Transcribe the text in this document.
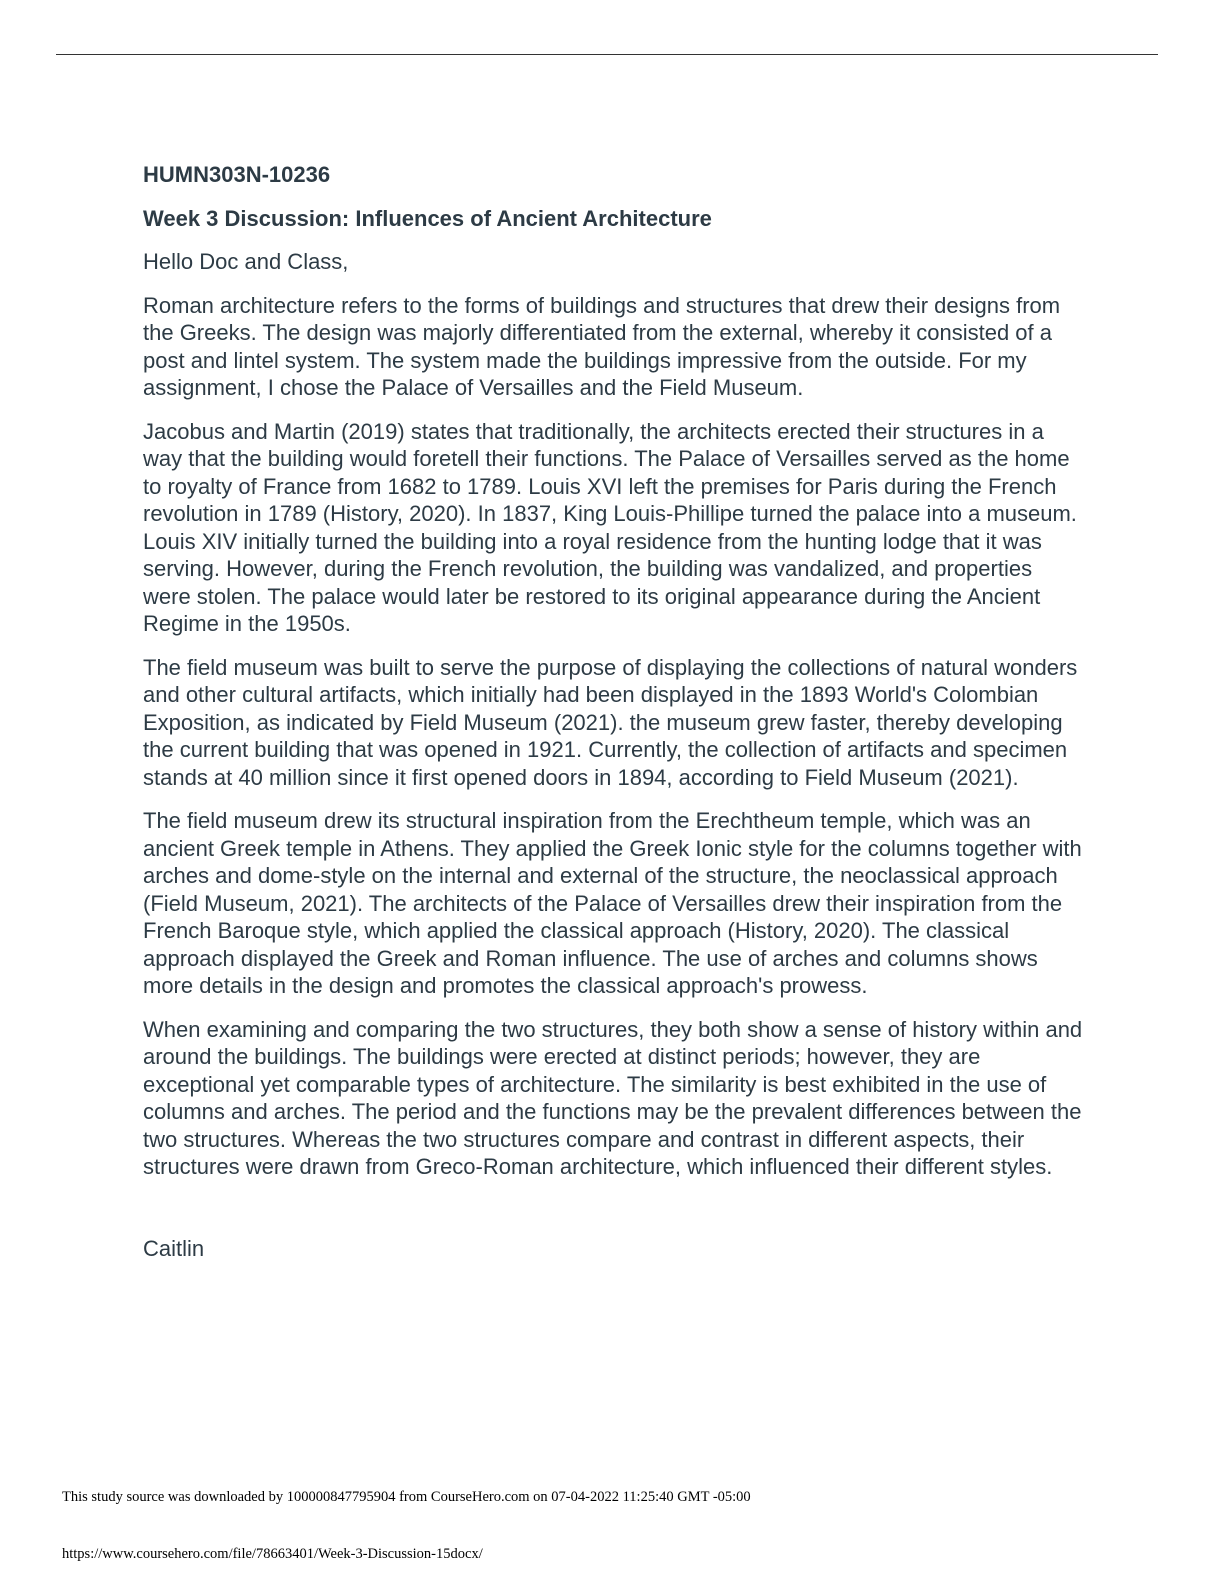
HUMN303N-10236
Week 3 Discussion: Influences of Ancient Architecture
Hello Doc and Class,
Roman architecture refers to the forms of buildings and structures that drew their designs from the Greeks. The design was majorly differentiated from the external, whereby it consisted of a post and lintel system. The system made the buildings impressive from the outside. For my assignment, I chose the Palace of Versailles and the Field Museum.
Jacobus and Martin (2019) states that traditionally, the architects erected their structures in a way that the building would foretell their functions. The Palace of Versailles served as the home to royalty of France from 1682 to 1789. Louis XVI left the premises for Paris during the French revolution in 1789 (History, 2020). In 1837, King Louis-Phillipe turned the palace into a museum. Louis XIV initially turned the building into a royal residence from the hunting lodge that it was serving. However, during the French revolution, the building was vandalized, and properties were stolen. The palace would later be restored to its original appearance during the Ancient Regime in the 1950s.
The field museum was built to serve the purpose of displaying the collections of natural wonders and other cultural artifacts, which initially had been displayed in the 1893 World's Colombian Exposition, as indicated by Field Museum (2021). the museum grew faster, thereby developing the current building that was opened in 1921. Currently, the collection of artifacts and specimen stands at 40 million since it first opened doors in 1894, according to Field Museum (2021).
The field museum drew its structural inspiration from the Erechtheum temple, which was an ancient Greek temple in Athens. They applied the Greek Ionic style for the columns together with arches and dome-style on the internal and external of the structure, the neoclassical approach (Field Museum, 2021). The architects of the Palace of Versailles drew their inspiration from the French Baroque style, which applied the classical approach (History, 2020). The classical approach displayed the Greek and Roman influence. The use of arches and columns shows more details in the design and promotes the classical approach's prowess.
When examining and comparing the two structures, they both show a sense of history within and around the buildings. The buildings were erected at distinct periods; however, they are exceptional yet comparable types of architecture. The similarity is best exhibited in the use of columns and arches. The period and the functions may be the prevalent differences between the two structures. Whereas the two structures compare and contrast in different aspects, their structures were drawn from Greco-Roman architecture, which influenced their different styles.
Caitlin
This study source was downloaded by 100000847795904 from CourseHero.com on 07-04-2022 11:25:40 GMT -05:00
https://www.coursehero.com/file/78663401/Week-3-Discussion-15docx/
